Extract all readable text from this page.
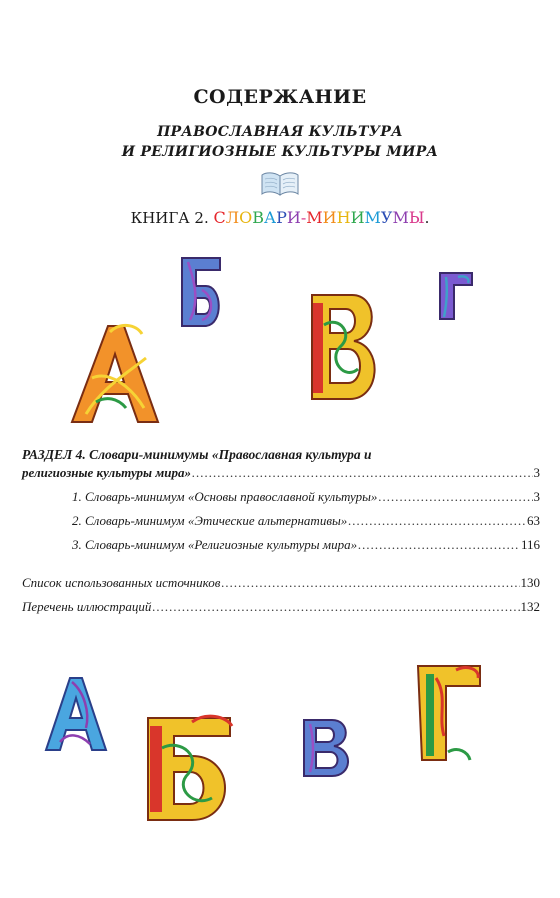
СОДЕРЖАНИЕ
ПРАВОСЛАВНАЯ КУЛЬТУРА
И РЕЛИГИОЗНЫЕ КУЛЬТУРЫ МИРА
КНИГА 2. СЛОВАРИ-МИНИМУМЫ.
РАЗДЕЛ 4. Словари-минимумы «Православная культура и
религиозные культуры мира» .....	3
1. Словарь-минимум «Основы православной культуры» .....	3
2. Словарь-минимум «Этические альтернативы» .....	63
3. Словарь-минимум «Религиозные культуры мира» .....	116
Список использованных источников .....	130
Перечень иллюстраций .....	132
